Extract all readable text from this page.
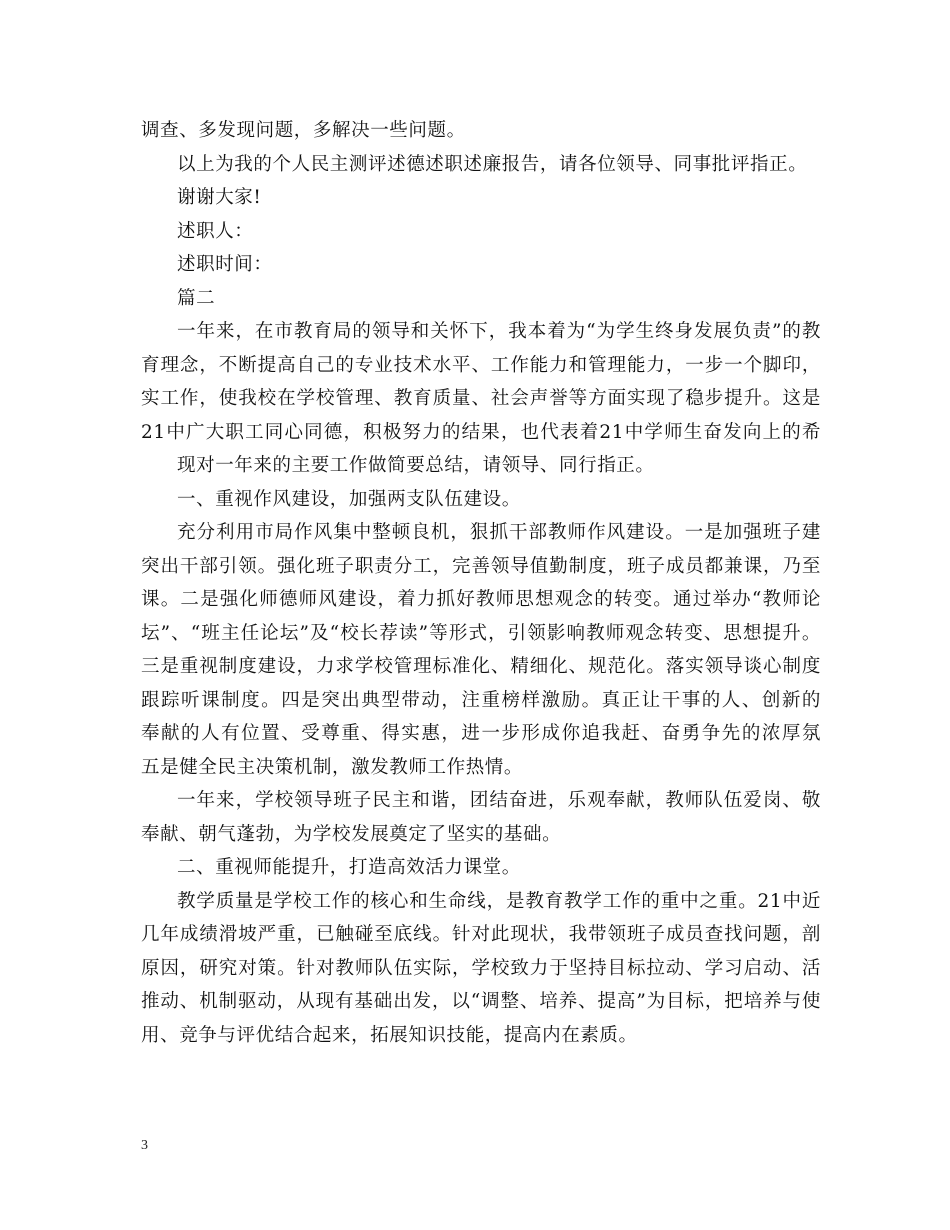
调查、多发现问题，多解决一些问题。
以上为我的个人民主测评述德述职述廉报告，请各位领导、同事批评指正。
谢谢大家!
述职人：
述职时间：
篇二
一年来，在市教育局的领导和关怀下，我本着为“为学生终身发展负责”的教
育理念，不断提高自己的专业技术水平、工作能力和管理能力，一步一个脚印，
实工作，使我校在学校管理、教育质量、社会声誉等方面实现了稳步提升。这是
21中广大职工同心同德，积极努力的结果，也代表着21中学师生奋发向上的希
现对一年来的主要工作做简要总结，请领导、同行指正。
一、重视作风建设，加强两支队伍建设。
充分利用市局作风集中整顿良机，狠抓干部教师作风建设。一是加强班子建
突出干部引领。强化班子职责分工，完善领导值勤制度，班子成员都兼课，乃至
课。二是强化师德师风建设，着力抓好教师思想观念的转变。通过举办“教师论
坛”、“班主任论坛”及“校长荐读”等形式，引领影响教师观念转变、思想提升。
三是重视制度建设，力求学校管理标准化、精细化、规范化。落实领导谈心制度
跟踪听课制度。四是突出典型带动，注重榜样激励。真正让干事的人、创新的
奉献的人有位置、受尊重、得实惠，进一步形成你追我赶、奋勇争先的浓厚氛
五是健全民主决策机制，激发教师工作热情。
一年来，学校领导班子民主和谐，团结奋进，乐观奉献，教师队伍爱岗、敬
奉献、朝气蓬勃，为学校发展奠定了坚实的基础。
二、重视师能提升，打造高效活力课堂。
教学质量是学校工作的核心和生命线，是教育教学工作的重中之重。21中近
几年成绩滑坡严重，已触碰至底线。针对此现状，我带领班子成员查找问题，剖
原因，研究对策。针对教师队伍实际，学校致力于坚持目标拉动、学习启动、活
推动、机制驱动，从现有基础出发，以“调整、培养、提高”为目标，把培养与使
用、竞争与评优结合起来，拓展知识技能，提高内在素质。
3
